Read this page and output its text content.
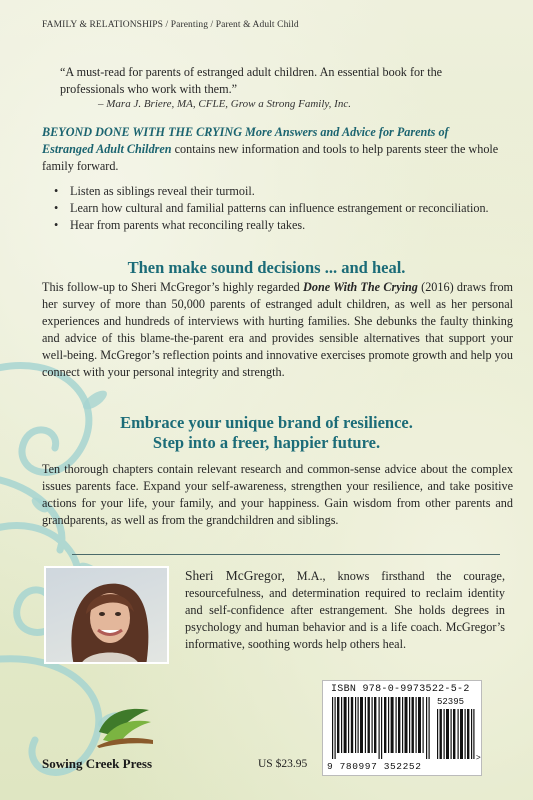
FAMILY & RELATIONSHIPS / Parenting / Parent & Adult Child
“A must-read for parents of estranged adult children. An essential book for the professionals who work with them.”
– Mara J. Briere, MA, CFLE, Grow a Strong Family, Inc.
BEYOND DONE WITH THE CRYING More Answers and Advice for Parents of Estranged Adult Children contains new information and tools to help parents steer the whole family forward.
• Listen as siblings reveal their turmoil.
• Learn how cultural and familial patterns can influence estrangement or reconciliation.
• Hear from parents what reconciling really takes.
Then make sound decisions ... and heal.
This follow-up to Sheri McGregor’s highly regarded Done With The Crying (2016) draws from her survey of more than 50,000 parents of estranged adult children, as well as her personal experiences and hundreds of interviews with hurting families. She debunks the faulty thinking and advice of this blame-the-parent era and provides sensible alternatives that support your well-being. McGregor’s reflection points and innovative exercises promote growth and help you connect with your personal integrity and strength.
Embrace your unique brand of resilience.
Step into a freer, happier future.
Ten thorough chapters contain relevant research and common-sense advice about the complex issues parents face. Expand your self-awareness, strengthen your resilience, and take positive actions for your life, your family, and your happiness. Gain wisdom from other parents and grandparents, as well as from the grandchildren and siblings.
Sheri McGregor, M.A., knows firsthand the courage, resourcefulness, and determination required to reclaim identity and self-confidence after estrangement. She holds degrees in psychology and human behavior and is a life coach. McGregor’s informative, soothing words help others heal.
ISBN 978-0-9973522-5-2
52395
9 780997 352252
>
Sowing Creek Press	US $23.95
